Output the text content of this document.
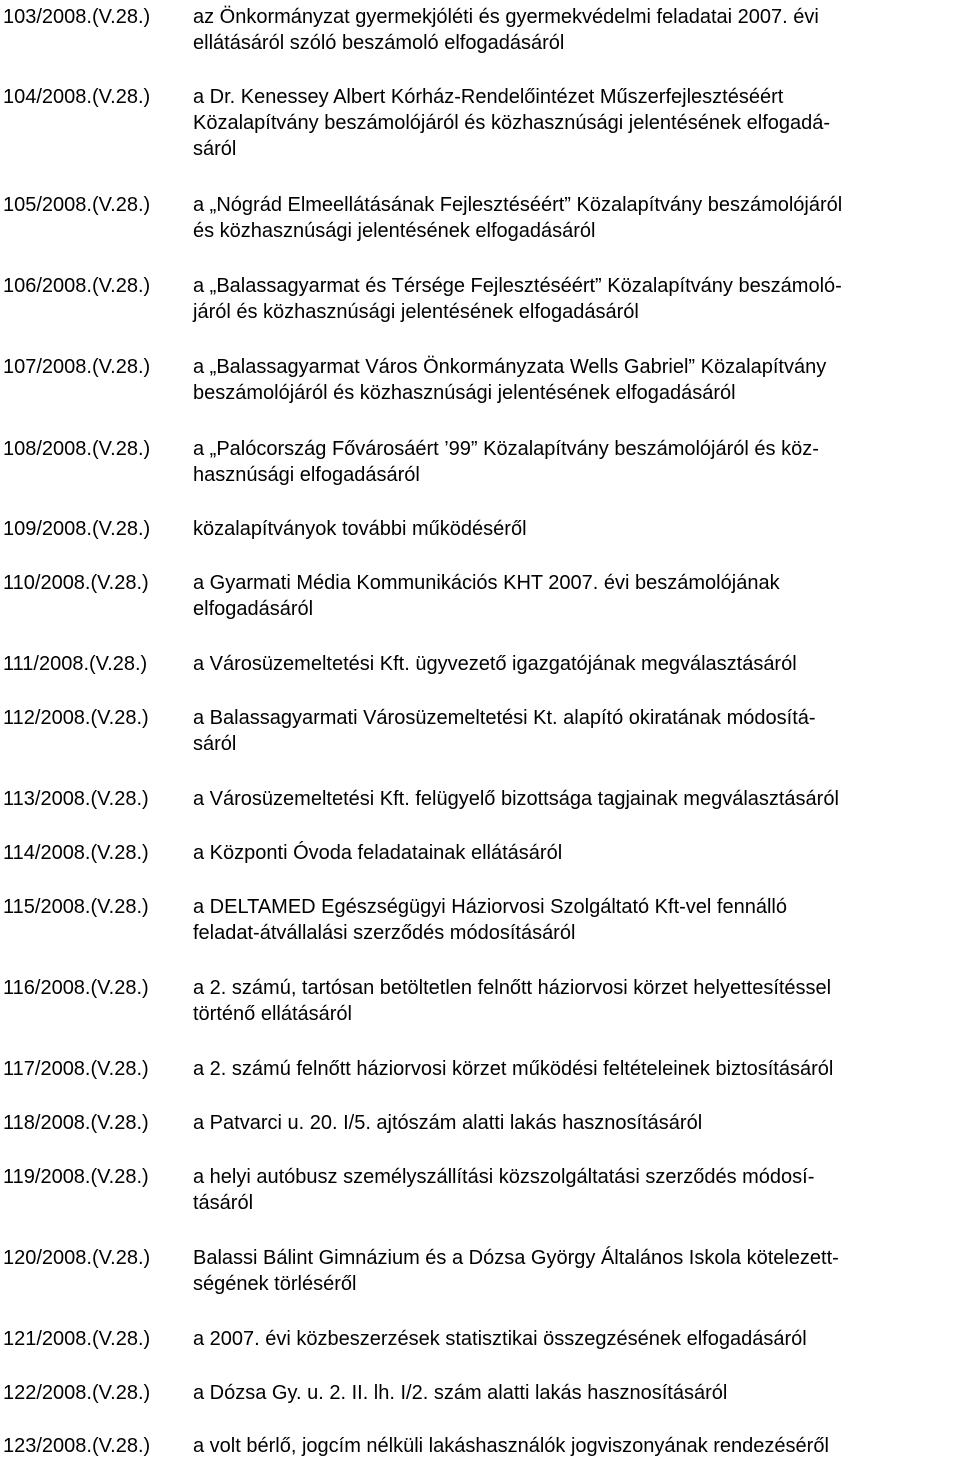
103/2008.(V.28.) az Önkormányzat gyermekjóléti és gyermekvédelmi feladatai 2007. évi
ellátásáról szóló beszámoló elfogadásáról
104/2008.(V.28.) a Dr. Kenessey Albert Kórház-Rendelőintézet Műszerfejlesztéséért
Közalapítvány beszámolójáról és közhasznúsági jelentésének elfogadá-
sáról
105/2008.(V.28.) a „Nógrád Elmeellátásának Fejlesztéséért” Közalapítvány beszámolójáról
és közhasznúsági jelentésének elfogadásáról
106/2008.(V.28.) a „Balassagyarmat és Térsége Fejlesztéséért” Közalapítvány beszámoló-
járól és közhasznúsági jelentésének elfogadásáról
107/2008.(V.28.) a „Balassagyarmat Város Önkormányzata Wells Gabriel” Közalapítvány
beszámolójáról és közhasznúsági jelentésének elfogadásáról
108/2008.(V.28.) a „Palócország Fővárosáért ’99” Közalapítvány beszámolójáról és köz-
hasznúsági elfogadásáról
109/2008.(V.28.) közalapítványok további működéséről
110/2008.(V.28.) a Gyarmati Média Kommunikációs KHT 2007. évi beszámolójának
elfogadásáról
111/2008.(V.28.) a Városüzemeltetési Kft. ügyvezető igazgatójának megválasztásáról
112/2008.(V.28.) a Balassagyarmati Városüzemeltetési Kt. alapító okiratának módosítá-
sáról
113/2008.(V.28.) a Városüzemeltetési Kft. felügyelő bizottsága tagjainak megválasztásáról
114/2008.(V.28.) a Központi Óvoda feladatainak ellátásáról
115/2008.(V.28.) a DELTAMED Egészségügyi Háziorvosi Szolgáltató Kft-vel fennálló
feladat-átvállalási szerződés módosításáról
116/2008.(V.28.) a 2. számú, tartósan betöltetlen felnőtt háziorvosi körzet helyettesítéssel
történő ellátásáról
117/2008.(V.28.) a 2. számú felnőtt háziorvosi körzet működési feltételeinek biztosításáról
118/2008.(V.28.) a Patvarci u. 20. I/5. ajtószám alatti lakás hasznosításáról
119/2008.(V.28.) a helyi autóbusz személyszállítási közszolgáltatási szerződés módosí-
tásáról
120/2008.(V.28.) Balassi Bálint Gimnázium és a Dózsa György Általános Iskola kötelezett-
ségének törléséről
121/2008.(V.28.) a 2007. évi közbeszerzések statisztikai összegzésének elfogadásáról
122/2008.(V.28.) a Dózsa Gy. u. 2. II. lh. I/2. szám alatti lakás hasznosításáról
123/2008.(V.28.) a volt bérlő, jogcím nélküli lakáshasználók jogviszonyának rendezéséről
